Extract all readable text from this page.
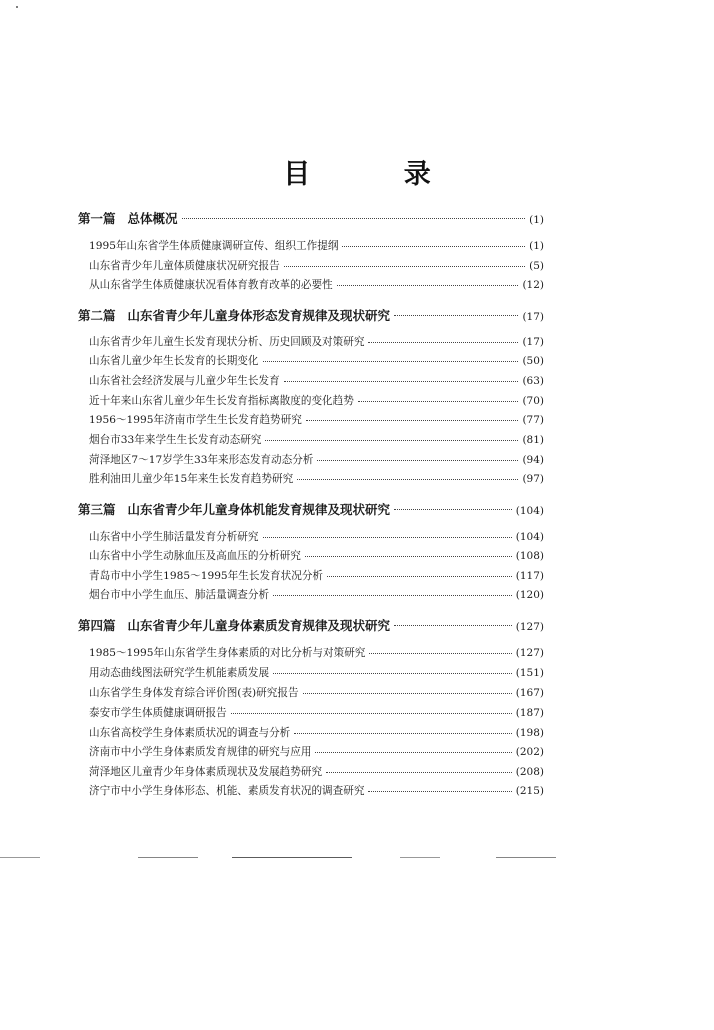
目 录
第一篇 总体概况	(1)
1995年山东省学生体质健康调研宣传、组织工作提纲	(1)
山东省青少年儿童体质健康状况研究报告	(5)
从山东省学生体质健康状况看体育教育改革的必要性	(12)
第二篇 山东省青少年儿童身体形态发育规律及现状研究	(17)
山东省青少年儿童生长发育现状分析、历史回顾及对策研究	(17)
山东省儿童少年生长发育的长期变化	(50)
山东省社会经济发展与儿童少年生长发育	(63)
近十年来山东省儿童少年生长发育指标离散度的变化趋势	(70)
1956～1995年济南市学生生长发育趋势研究	(77)
烟台市33年来学生生长发育动态研究	(81)
菏泽地区7～17岁学生33年来形态发育动态分析	(94)
胜利油田儿童少年15年来生长发育趋势研究	(97)
第三篇 山东省青少年儿童身体机能发育规律及现状研究	(104)
山东省中小学生肺活量发育分析研究	(104)
山东省中小学生动脉血压及高血压的分析研究	(108)
青岛市中小学生1985～1995年生长发育状况分析	(117)
烟台市中小学生血压、肺活量调查分析	(120)
第四篇 山东省青少年儿童身体素质发育规律及现状研究	(127)
1985～1995年山东省学生身体素质的对比分析与对策研究	(127)
用动态曲线图法研究学生机能素质发展	(151)
山东省学生身体发育综合评价图(表)研究报告	(167)
泰安市学生体质健康调研报告	(187)
山东省高校学生身体素质状况的调查与分析	(198)
济南市中小学生身体素质发育规律的研究与应用	(202)
菏泽地区儿童青少年身体素质现状及发展趋势研究	(208)
济宁市中小学生身体形态、机能、素质发育状况的调查研究	(215)
